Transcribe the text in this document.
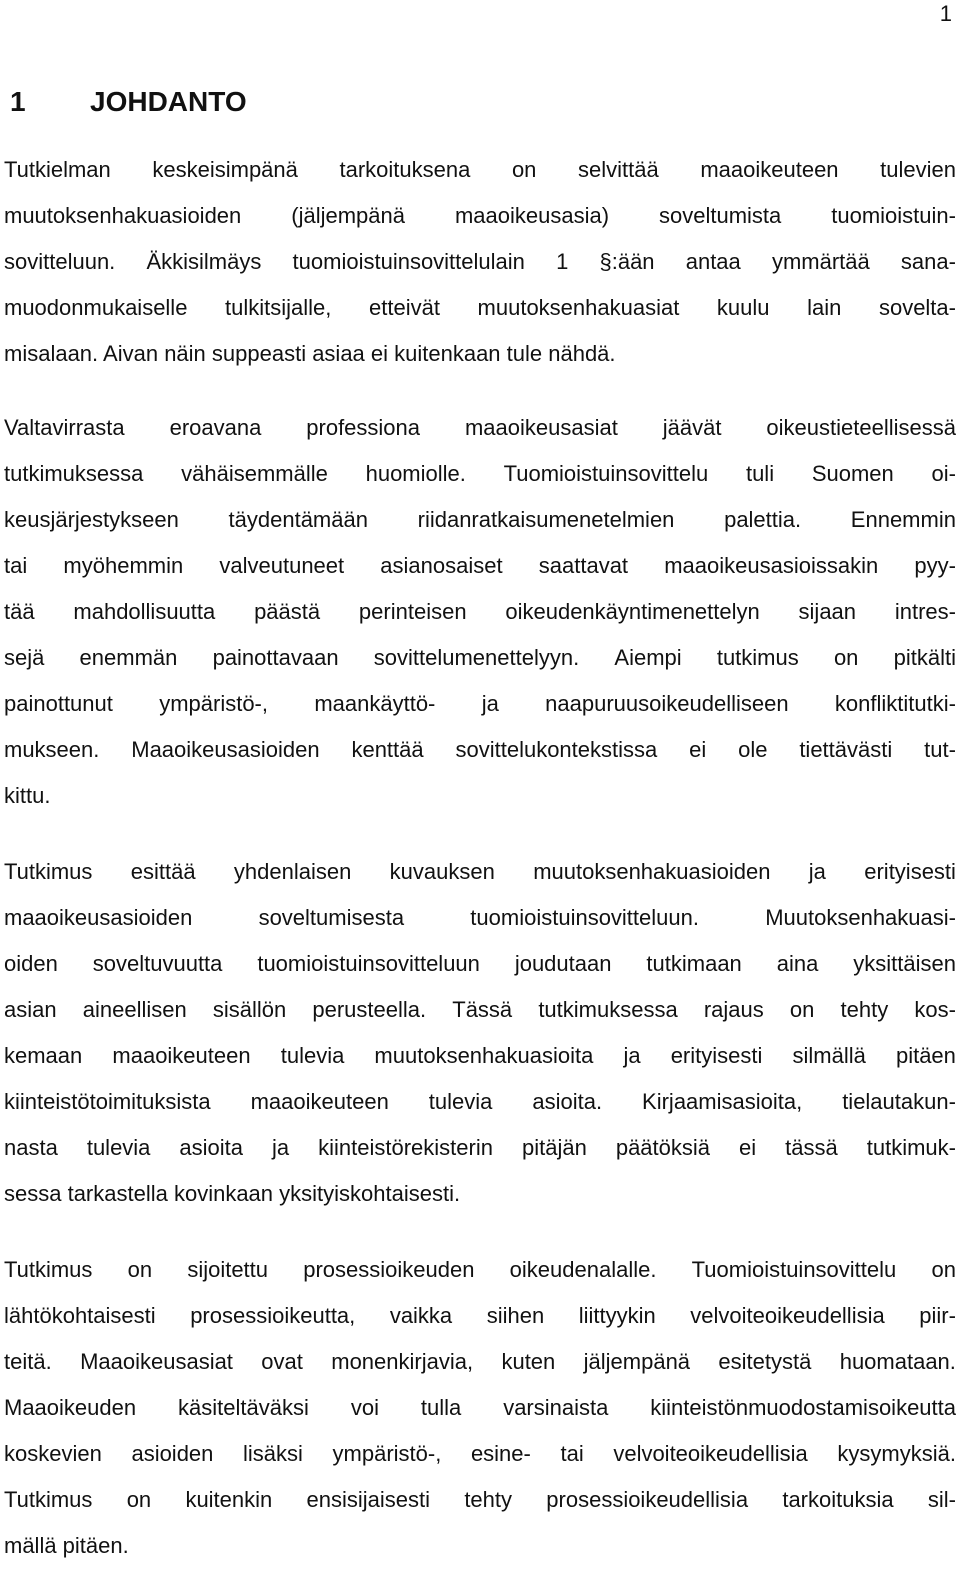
1
1 JOHDANTO
Tutkielman keskeisimpänä tarkoituksena on selvittää maaoikeuteen tulevien
muutoksenhakuasioiden (jäljempänä maaoikeusasia) soveltumista tuomioistuin-
sovitteluun. Äkkisilmäys tuomioistuinsovittelulain 1 §:ään antaa ymmärtää sana-
muodonmukaiselle tulkitsijalle, etteivät muutoksenhakuasiat kuulu lain sovelta-
misalaan. Aivan näin suppeasti asiaa ei kuitenkaan tule nähdä.
Valtavirrasta eroavana professiona maaoikeusasiat jäävät oikeustieteellisessä
tutkimuksessa vähäisemmälle huomiolle. Tuomioistuinsovittelu tuli Suomen oi-
keusjärjestykseen täydentämään riidanratkaisumenetelmien palettia. Ennemmin
tai myöhemmin valveutuneet asianosaiset saattavat maaoikeusasioissakin pyy-
tää mahdollisuutta päästä perinteisen oikeudenkäyntimenettelyn sijaan intres-
sejä enemmän painottavaan sovittelumenettelyyn. Aiempi tutkimus on pitkälti
painottunut ympäristö-, maankäyttö- ja naapuruusoikeudelliseen konfliktitutki-
mukseen. Maaoikeusasioiden kenttää sovittelukontekstissa ei ole tiettävästi tut-
kittu.
Tutkimus esittää yhdenlaisen kuvauksen muutoksenhakuasioiden ja erityisesti
maaoikeusasioiden	soveltumisesta	tuomioistuinsovitteluun.	Muutoksenhakuasi-
oiden soveltuvuutta tuomioistuinsovitteluun joudutaan tutkimaan aina yksittäisen
asian aineellisen sisällön perusteella. Tässä tutkimuksessa rajaus on tehty kos-
kemaan maaoikeuteen tulevia muutoksenhakuasioita ja erityisesti silmällä pitäen
kiinteistötoimituksista maaoikeuteen tulevia asioita. Kirjaamisasioita, tielautakun-
nasta tulevia asioita ja kiinteistörekisterin pitäjän päätöksiä ei tässä tutkimuk-
sessa tarkastella kovinkaan yksityiskohtaisesti.
Tutkimus on sijoitettu prosessioikeuden oikeudenalalle. Tuomioistuinsovittelu on
lähtökohtaisesti prosessioikeutta, vaikka siihen liittyykin velvoiteoikeudellisia piir-
teitä. Maaoikeusasiat ovat monenkirjavia, kuten jäljempänä esitetystä huomataan.
Maaoikeuden käsiteltäväksi voi tulla varsinaista kiinteistönmuodostamisoikeutta
koskevien asioiden lisäksi ympäristö-, esine- tai velvoiteoikeudellisia kysymyksiä.
Tutkimus on kuitenkin ensisijaisesti tehty prosessioikeudellisia tarkoituksia sil-
mällä pitäen.
